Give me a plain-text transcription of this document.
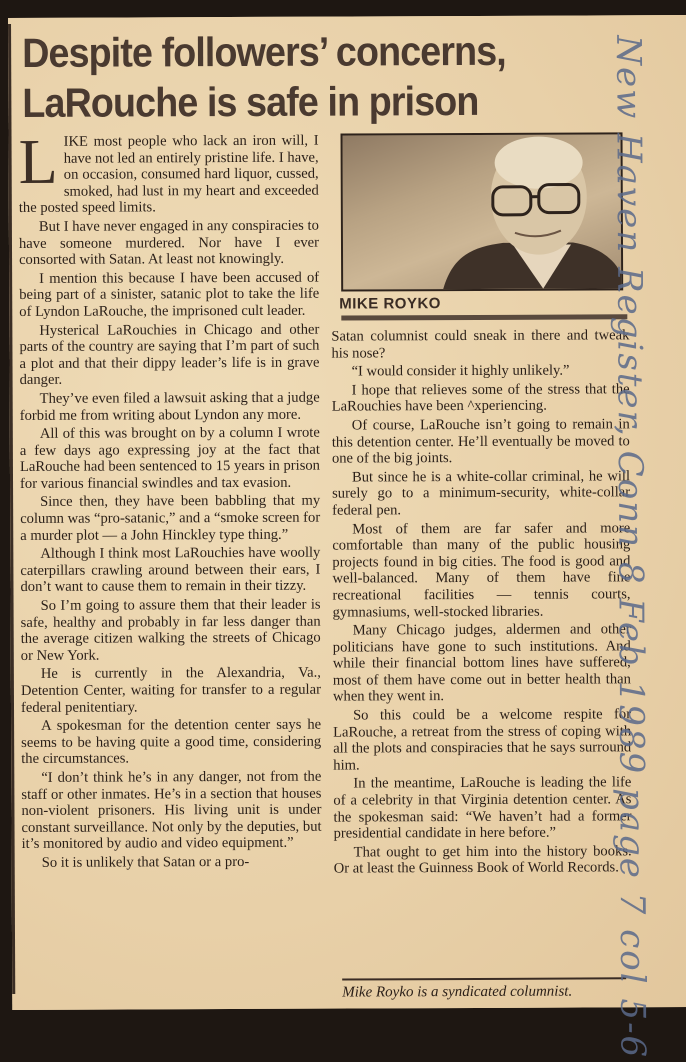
Despite followers’ concerns,
LaRouche is safe in prison

LIKE most people who lack an iron will, I have not led an entirely pristine life. I have, on occasion, consumed hard liquor, cussed, smoked, had lust in my heart and exceeded the posted speed limits.

But I have never engaged in any conspiracies to have someone murdered. Nor have I ever consorted with Satan. At least not knowingly.

I mention this because I have been accused of being part of a sinister, satanic plot to take the life of Lyndon LaRouche, the imprisoned cult leader.

Hysterical LaRouchies in Chicago and other parts of the country are saying that I’m part of such a plot and that their dippy leader’s life is in grave danger.

They’ve even filed a lawsuit asking that a judge forbid me from writing about Lyndon any more.

All of this was brought on by a column I wrote a few days ago expressing joy at the fact that LaRouche had been sentenced to 15 years in prison for various financial swindles and tax evasion.

Since then, they have been babbling that my column was “pro-satanic,” and a “smoke screen for a murder plot — a John Hinckley type thing.”

Although I think most LaRouchies have woolly caterpillars crawling around between their ears, I don’t want to cause them to remain in their tizzy.

So I’m going to assure them that their leader is safe, healthy and probably in far less danger than the average citizen walking the streets of Chicago or New York.

He is currently in the Alexandria, Va., Detention Center, waiting for transfer to a regular federal penitentiary.

A spokesman for the detention center says he seems to be having quite a good time, considering the circumstances.

“I don’t think he’s in any danger, not from the staff or other inmates. He’s in a section that houses non-violent prisoners. His living unit is under constant surveillance. Not only by the deputies, but it’s monitored by audio and video equipment.”

So it is unlikely that Satan or a pro-

MIKE ROYKO

Satan columnist could sneak in there and tweak his nose?

“I would consider it highly unlikely.”

I hope that relieves some of the stress that the LaRouchies have been ^xperiencing.

Of course, LaRouche isn’t going to remain in this detention center. He’ll eventually be moved to one of the big joints.

But since he is a white-collar criminal, he will surely go to a minimum-security, white-collar federal pen.

Most of them are far safer and more comfortable than many of the public housing projects found in big cities. The food is good and well-balanced. Many of them have fine recreational facilities — tennis courts, gymnasiums, well-stocked libraries.

Many Chicago judges, aldermen and other politicians have gone to such institutions. And while their financial bottom lines have suffered, most of them have come out in better health than when they went in.

So this could be a welcome respite for LaRouche, a retreat from the stress of coping with all the plots and conspiracies that he says surround him.

In the meantime, LaRouche is leading the life of a celebrity in that Virginia detention center. As the spokesman said: “We haven’t had a former presidential candidate in here before.”

That ought to get him into the history books. Or at least the Guinness Book of World Records.

Mike Royko is a syndicated columnist. New Haven Register, Conn 8 Feb 1989 page 7 col 5-6
